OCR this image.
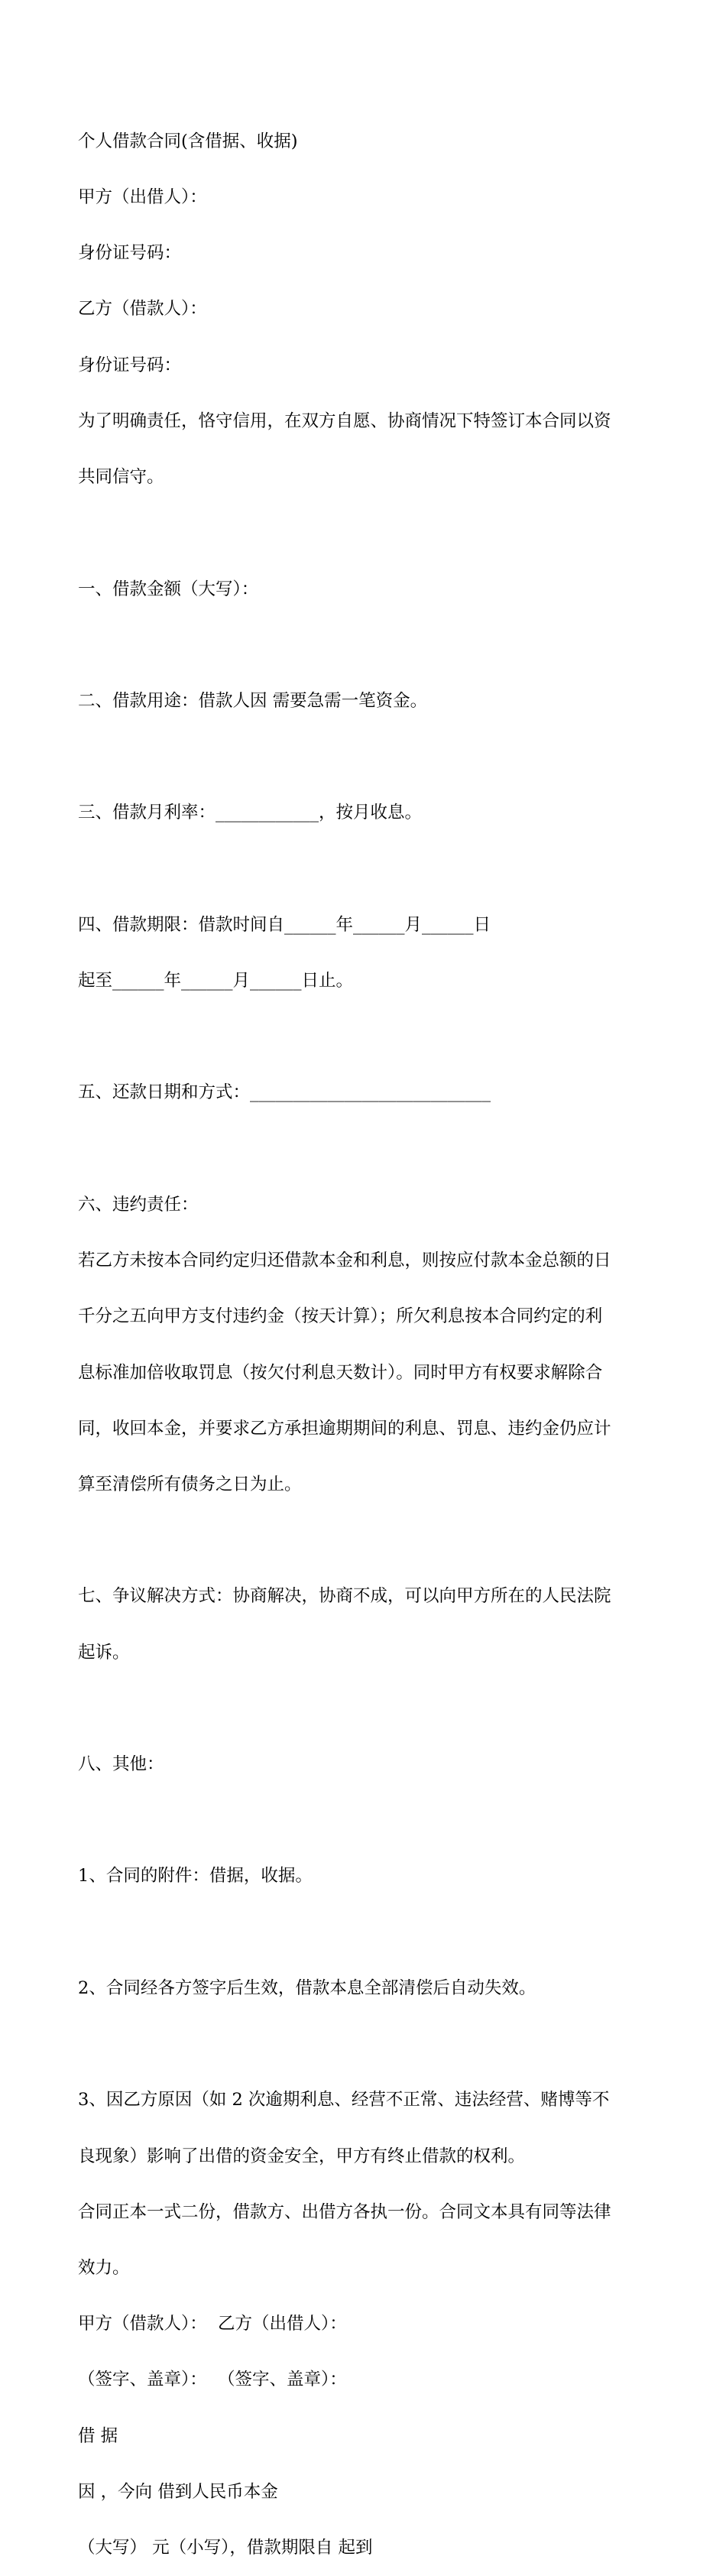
个人借款合同(含借据、收据)

甲方（出借人）：

身份证号码：

乙方（借款人）：

身份证号码：

为了明确责任，恪守信用，在双方自愿、协商情况下特签订本合同以资

共同信守。

一、借款金额（大写）：

二、借款用途：借款人因 需要急需一笔资金。

三、借款月利率：____________，按月收息。

四、借款期限：借款时间自______年______月______日

起至______年______月______日止。

五、还款日期和方式：____________________________

六、违约责任：

若乙方未按本合同约定归还借款本金和利息，则按应付款本金总额的日

千分之五向甲方支付违约金（按天计算）；所欠利息按本合同约定的利

息标准加倍收取罚息（按欠付利息天数计）。同时甲方有权要求解除合

同，收回本金，并要求乙方承担逾期期间的利息、罚息、违约金仍应计

算至清偿所有债务之日为止。

七、争议解决方式：协商解决，协商不成，可以向甲方所在的人民法院

起诉。

八、其他：

1、合同的附件：借据，收据。

2、合同经各方签字后生效，借款本息全部清偿后自动失效。

3、因乙方原因（如 2 次逾期利息、经营不正常、违法经营、赌博等不

良现象）影响了出借的资金安全，甲方有终止借款的权利。

合同正本一式二份，借款方、出借方各执一份。合同文本具有同等法律

效力。

甲方（借款人）：  乙方（出借人）：

（签字、盖章）：  （签字、盖章）：

借 据

因 ，今向 借到人民币本金

（大写） 元（小写），借款期限自 起到
